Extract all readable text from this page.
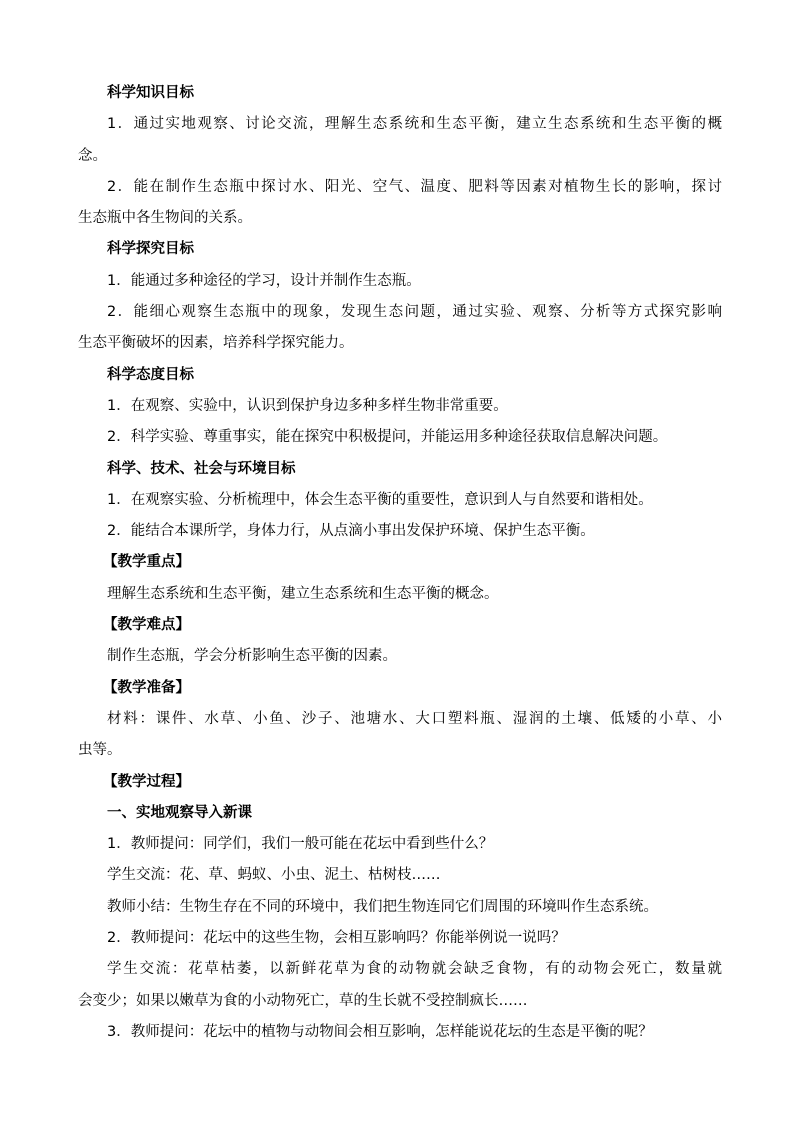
科学知识目标
1．通过实地观察、讨论交流，理解生态系统和生态平衡，建立生态系统和生态平衡的概
念。
2．能在制作生态瓶中探讨水、阳光、空气、温度、肥料等因素对植物生长的影响，探讨
生态瓶中各生物间的关系。
科学探究目标
1．能通过多种途径的学习，设计并制作生态瓶。
2．能细心观察生态瓶中的现象，发现生态问题，通过实验、观察、分析等方式探究影响
生态平衡破坏的因素，培养科学探究能力。
科学态度目标
1．在观察、实验中，认识到保护身边多种多样生物非常重要。
2．科学实验、尊重事实，能在探究中积极提问，并能运用多种途径获取信息解决问题。
科学、技术、社会与环境目标
1．在观察实验、分析梳理中，体会生态平衡的重要性，意识到人与自然要和谐相处。
2．能结合本课所学，身体力行，从点滴小事出发保护环境、保护生态平衡。
【教学重点】
理解生态系统和生态平衡，建立生态系统和生态平衡的概念。
【教学难点】
制作生态瓶，学会分析影响生态平衡的因素。
【教学准备】
材料：课件、水草、小鱼、沙子、池塘水、大口塑料瓶、湿润的土壤、低矮的小草、小
虫等。
【教学过程】
一、实地观察导入新课
1．教师提问：同学们，我们一般可能在花坛中看到些什么？
学生交流：花、草、蚂蚁、小虫、泥土、枯树枝……
教师小结：生物生存在不同的环境中，我们把生物连同它们周围的环境叫作生态系统。
2．教师提问：花坛中的这些生物，会相互影响吗？你能举例说一说吗？
学生交流：花草枯萎，以新鲜花草为食的动物就会缺乏食物，有的动物会死亡，数量就
会变少；如果以嫩草为食的小动物死亡，草的生长就不受控制疯长……
3．教师提问：花坛中的植物与动物间会相互影响，怎样能说花坛的生态是平衡的呢？
